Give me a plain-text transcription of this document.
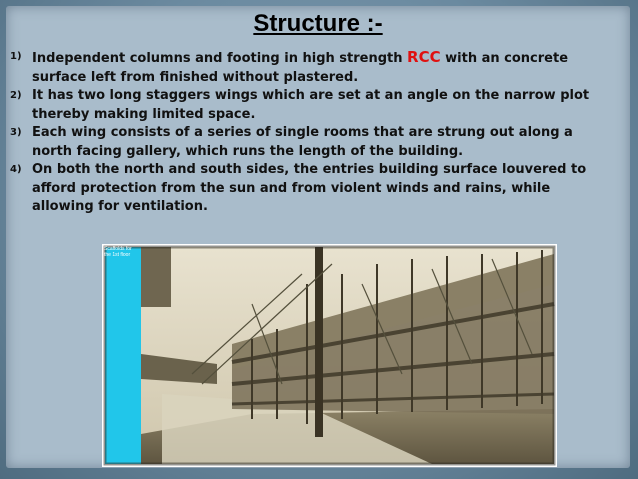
Structure :-
1) Independent columns and footing in high strength RCC with an concrete surface left from finished without plastered.
2) It has two long staggers wings which are set at an angle on the narrow plot thereby making limited space.
3) Each wing consists of a series of single rooms that are strung out along a north facing gallery, which runs the length of the building.
4) On both the north and south sides, the entries building surface louvered to afford protection from the sun and from violent winds and rains, while allowing for ventilation.
Scaffolds for the 1st floor
